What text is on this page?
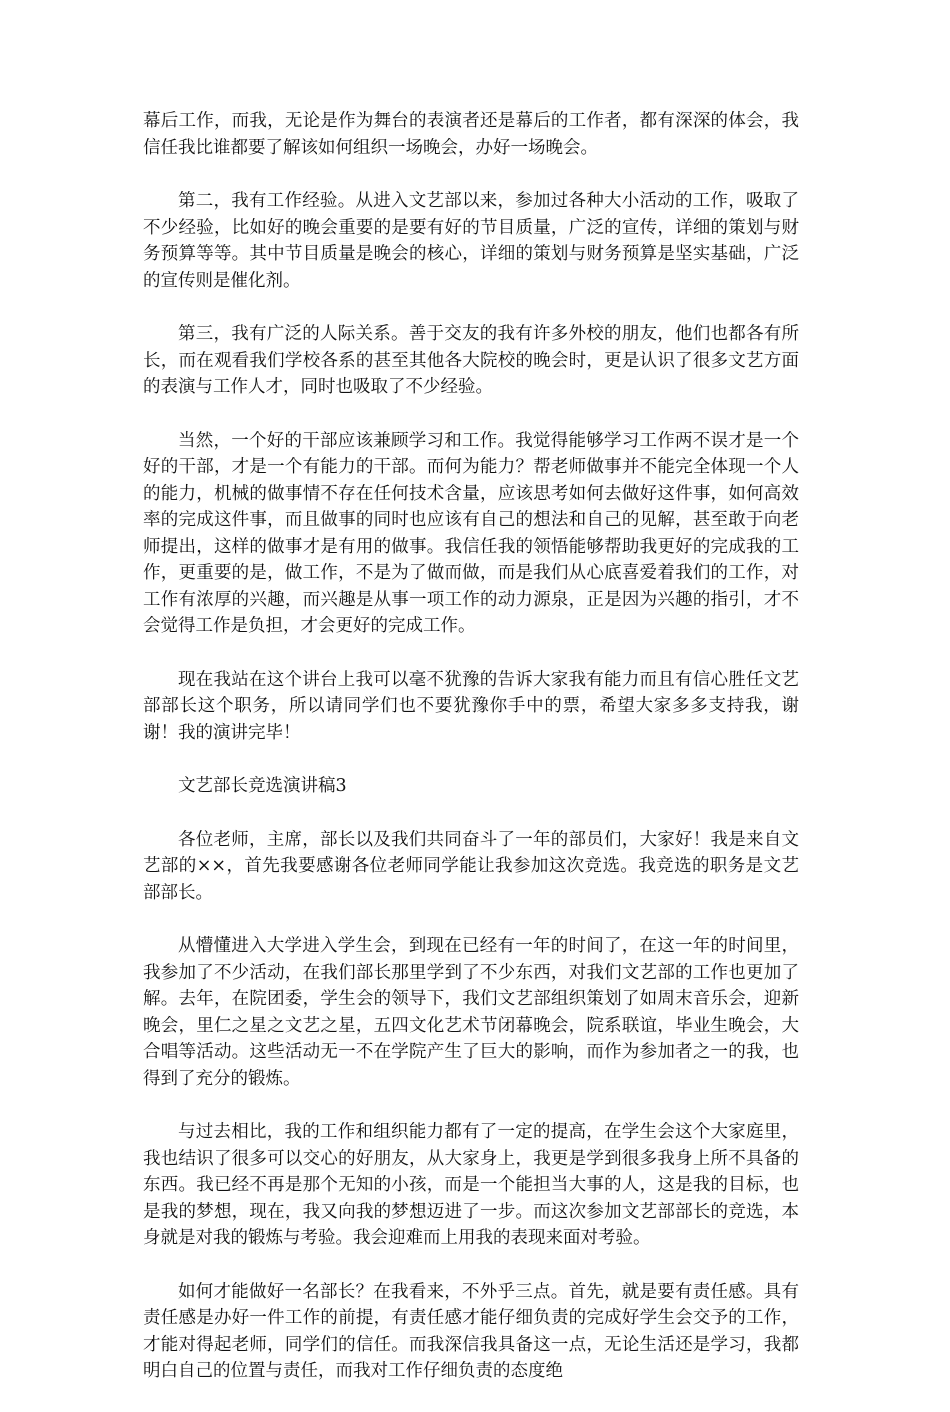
幕后工作，而我，无论是作为舞台的表演者还是幕后的工作者，都有深深的体会，我信任我比谁都要了解该如何组织一场晚会，办好一场晚会。

第二，我有工作经验。从进入文艺部以来，参加过各种大小活动的工作，吸取了不少经验，比如好的晚会重要的是要有好的节目质量，广泛的宣传，详细的策划与财务预算等等。其中节目质量是晚会的核心，详细的策划与财务预算是坚实基础，广泛的宣传则是催化剂。

第三，我有广泛的人际关系。善于交友的我有许多外校的朋友，他们也都各有所长，而在观看我们学校各系的甚至其他各大院校的晚会时，更是认识了很多文艺方面的表演与工作人才，同时也吸取了不少经验。

当然，一个好的干部应该兼顾学习和工作。我觉得能够学习工作两不误才是一个好的干部，才是一个有能力的干部。而何为能力？帮老师做事并不能完全体现一个人的能力，机械的做事情不存在任何技术含量，应该思考如何去做好这件事，如何高效率的完成这件事，而且做事的同时也应该有自己的想法和自己的见解，甚至敢于向老师提出，这样的做事才是有用的做事。我信任我的领悟能够帮助我更好的完成我的工作，更重要的是，做工作，不是为了做而做，而是我们从心底喜爱着我们的工作，对工作有浓厚的兴趣，而兴趣是从事一项工作的动力源泉，正是因为兴趣的指引，才不会觉得工作是负担，才会更好的完成工作。

现在我站在这个讲台上我可以毫不犹豫的告诉大家我有能力而且有信心胜任文艺部部长这个职务，所以请同学们也不要犹豫你手中的票，希望大家多多支持我，谢谢！我的演讲完毕！

文艺部长竞选演讲稿3

各位老师，主席，部长以及我们共同奋斗了一年的部员们，大家好！我是来自文艺部的××，首先我要感谢各位老师同学能让我参加这次竞选。我竞选的职务是文艺部部长。

从懵懂进入大学进入学生会，到现在已经有一年的时间了，在这一年的时间里，我参加了不少活动，在我们部长那里学到了不少东西，对我们文艺部的工作也更加了解。去年，在院团委，学生会的领导下，我们文艺部组织策划了如周末音乐会，迎新晚会，里仁之星之文艺之星，五四文化艺术节闭幕晚会，院系联谊，毕业生晚会，大合唱等活动。这些活动无一不在学院产生了巨大的影响，而作为参加者之一的我，也得到了充分的锻炼。

与过去相比，我的工作和组织能力都有了一定的提高，在学生会这个大家庭里，我也结识了很多可以交心的好朋友，从大家身上，我更是学到很多我身上所不具备的东西。我已经不再是那个无知的小孩，而是一个能担当大事的人，这是我的目标，也是我的梦想，现在，我又向我的梦想迈进了一步。而这次参加文艺部部长的竞选，本身就是对我的锻炼与考验。我会迎难而上用我的表现来面对考验。

如何才能做好一名部长？在我看来，不外乎三点。首先，就是要有责任感。具有责任感是办好一件工作的前提，有责任感才能仔细负责的完成好学生会交予的工作，才能对得起老师，同学们的信任。而我深信我具备这一点，无论生活还是学习，我都明白自己的位置与责任，而我对工作仔细负责的态度绝
